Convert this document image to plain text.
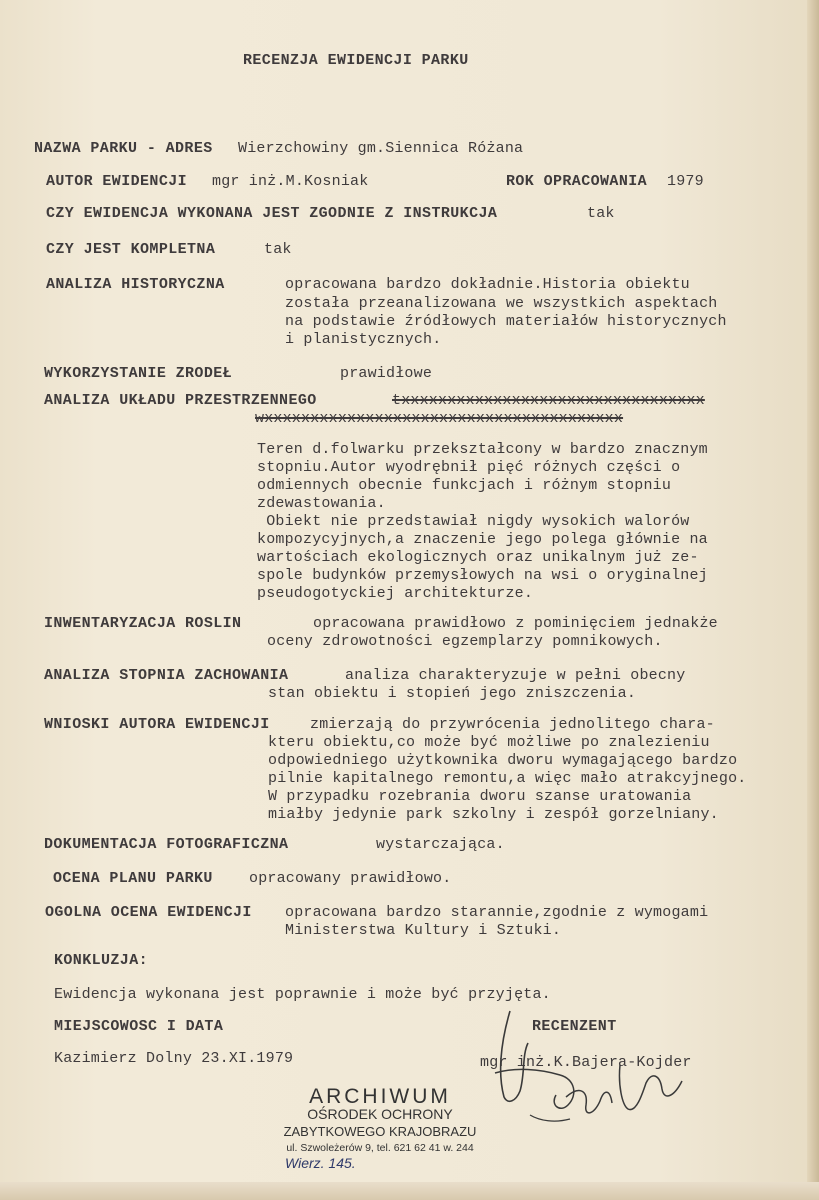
RECENZJA EWIDENCJI PARKU
NAZWA PARKU - ADRES Wierzchowiny gm.Siennica Różana
AUTOR EWIDENCJI mgr inż.M.Kosniak	ROK OPRACOWANIA 1979
CZY EWIDENCJA WYKONANA JEST ZGODNIE Z INSTRUKCJA	tak
CZY JEST KOMPLETNA	tak
ANALIZA HISTORYCZNA	opracowana bardzo dokładnie.Historia obiektu
została przeanalizowana we wszystkich aspektach
na podstawie źródłowych materiałów historycznych
i planistycznych.
WYKORZYSTANIE ZRODEŁ	prawidłowe
ANALIZA UKŁADU PRZESTRZENNEGO	txxxxxxxxxxxxxxxxxxxxxxxxxxxxxxxxx
wxxxxxxxxxxxxxxxxxxxxxxxxxxxxxxxxxxxxxxx
Teren d.folwarku przekształcony w bardzo znacznym
stopniu.Autor wyodrębnił pięć różnych części o
odmiennych obecnie funkcjach i różnym stopniu
zdewastowania.
Obiekt nie przedstawiał nigdy wysokich walorów
kompozycyjnych,a znaczenie jego polega głównie na
wartościach ekologicznych oraz unikalnym już ze-
spole budynków przemysłowych na wsi o oryginalnej
pseudogotyckiej architekturze.
INWENTARYZACJA ROSLIN	opracowana prawidłowo z pominięciem jednakże
oceny zdrowotności egzemplarzy pomnikowych.
ANALIZA STOPNIA ZACHOWANIA	analiza charakteryzuje w pełni obecny
stan obiektu i stopień jego zniszczenia.
WNIOSKI AUTORA EWIDENCJI	zmierzają do przywrócenia jednolitego chara-
kteru obiektu,co może być możliwe po znalezieniu
odpowiedniego użytkownika dworu wymagającego bardzo
pilnie kapitalnego remontu,a więc mało atrakcyjnego.
W przypadku rozebrania dworu szanse uratowania
miałby jedynie park szkolny i zespół gorzelniany.
DOKUMENTACJA FOTOGRAFICZNA	wystarczająca.
OCENA PLANU PARKU opracowany prawidłowo.
OGOLNA OCENA EWIDENCJI opracowana bardzo starannie,zgodnie z wymogami
Ministerstwa Kultury i Sztuki.
KONKLUZJA:
Ewidencja wykonana jest poprawnie i może być przyjęta.
MIEJSCOWOSC I DATA	RECENZENT
Kazimierz Dolny 23.XI.1979	mgr inż.K.Bajera-Kojder
ARCHIWUM
OŚRODEK OCHRONY
ZABYTKOWEGO KRAJOBRAZU
ul. Szwoleżerów 9, tel. 621 62 41 w. 244
Wierz. 145.
